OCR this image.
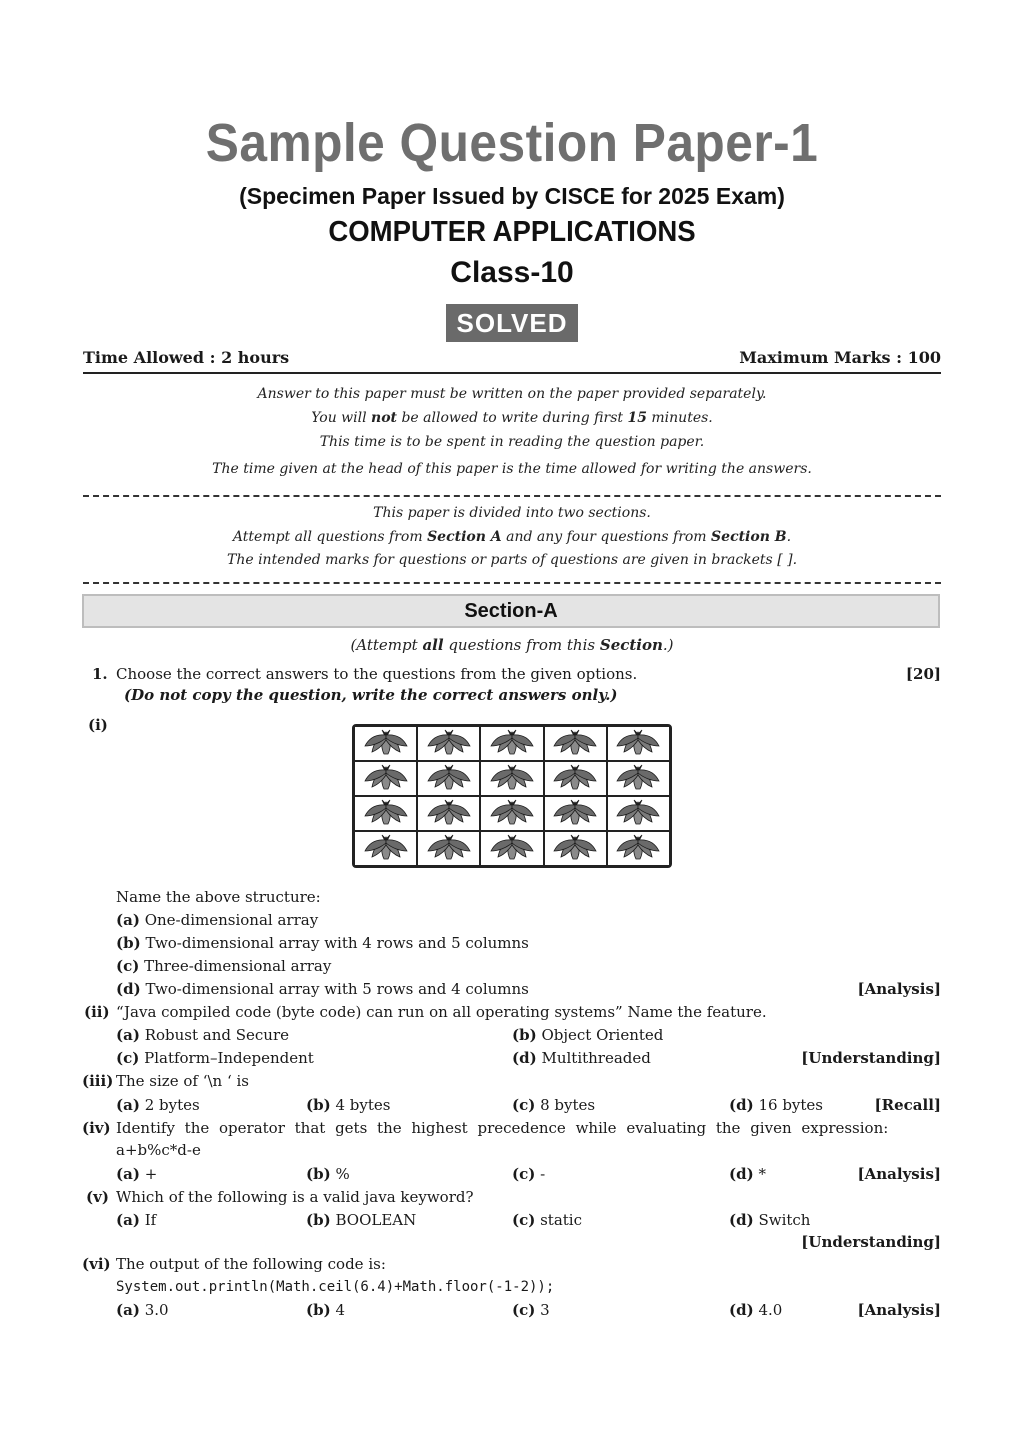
Sample Question Paper-1
(Specimen Paper Issued by CISCE for 2025 Exam)
COMPUTER APPLICATIONS
Class-10
SOLVED
Time Allowed : 2 hours	Maximum Marks : 100
Answer to this paper must be written on the paper provided separately.
You will not be allowed to write during first 15 minutes.
This time is to be spent in reading the question paper.
The time given at the head of this paper is the time allowed for writing the answers.
This paper is divided into two sections.
Attempt all questions from Section A and any four questions from Section B.
The intended marks for questions or parts of questions are given in brackets [ ].
Section-A
(Attempt all questions from this Section.)
1. Choose the correct answers to the questions from the given options.	[20]
(Do not copy the question, write the correct answers only.)
(i)
Name the above structure:
(a) One-dimensional array
(b) Two-dimensional array with 4 rows and 5 columns
(c) Three-dimensional array
(d) Two-dimensional array with 5 rows and 4 columns	[Analysis]
(ii) “Java compiled code (byte code) can run on all operating systems” Name the feature.
(a) Robust and Secure	(b) Object Oriented
(c) Platform–Independent	(d) Multithreaded	[Understanding]
(iii) The size of ‘\n ‘ is
(a) 2 bytes	(b) 4 bytes	(c) 8 bytes	(d) 16 bytes	[Recall]
(iv) Identify the operator that gets the highest precedence while evaluating the given expression:
a+b%c*d-e
(a) +	(b) %	(c) -	(d) *	[Analysis]
(v) Which of the following is a valid java keyword?
(a) If	(b) BOOLEAN	(c) static	(d) Switch
[Understanding]
(vi) The output of the following code is:
System.out.println(Math.ceil(6.4)+Math.floor(-1-2));
(a) 3.0	(b) 4	(c) 3	(d) 4.0	[Analysis]
